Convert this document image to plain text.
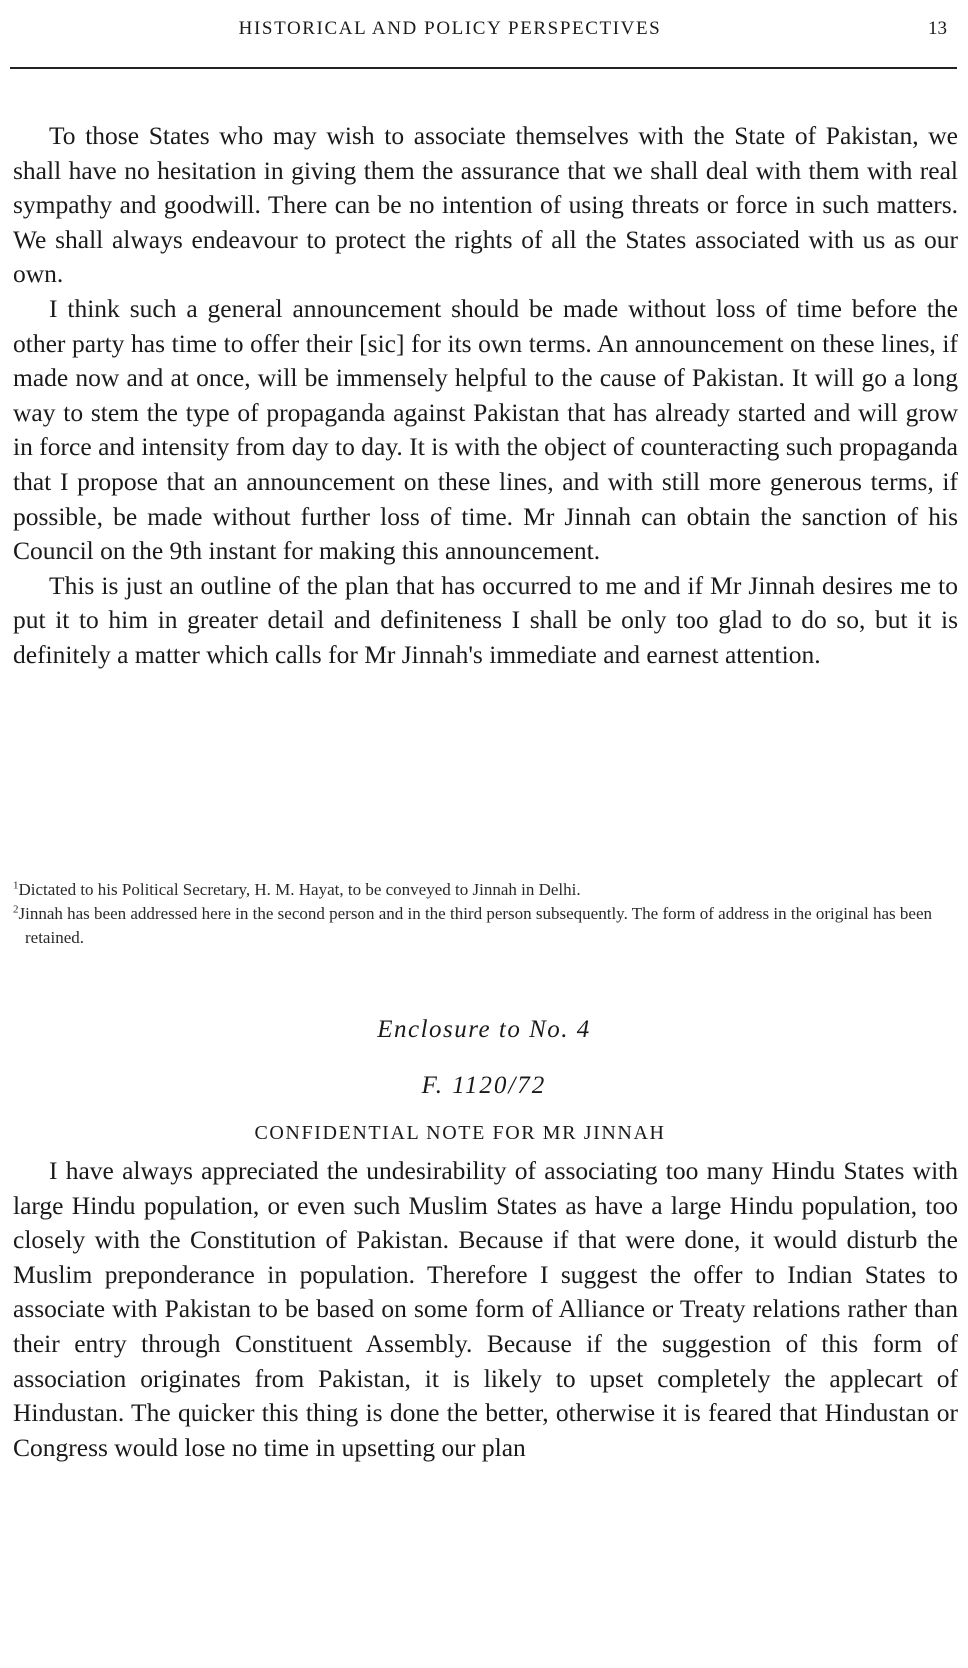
HISTORICAL AND POLICY PERSPECTIVES	13

To those States who may wish to associate themselves with the State of Pakistan, we shall have no hesitation in giving them the assurance that we shall deal with them with real sympathy and goodwill. There can be no intention of using threats or force in such matters. We shall always endeavour to protect the rights of all the States associated with us as our own.

I think such a general announcement should be made without loss of time before the other party has time to offer their [sic] for its own terms. An announcement on these lines, if made now and at once, will be immensely helpful to the cause of Pakistan. It will go a long way to stem the type of propaganda against Pakistan that has already started and will grow in force and intensity from day to day. It is with the object of counteracting such propaganda that I propose that an announcement on these lines, and with still more generous terms, if possible, be made without further loss of time. Mr Jinnah can obtain the sanction of his Council on the 9th instant for making this announcement.

This is just an outline of the plan that has occurred to me and if Mr Jinnah desires me to put it to him in greater detail and definiteness I shall be only too glad to do so, but it is definitely a matter which calls for Mr Jinnah's immediate and earnest attention.

$^1$Dictated to his Political Secretary, H. M. Hayat, to be conveyed to Jinnah in Delhi.

$^2$Jinnah has been addressed here in the second person and in the third person subsequently. The form of address in the original has been retained.

Enclosure to No. 4
F. 1120/72
CONFIDENTIAL NOTE FOR MR JINNAH

I have always appreciated the undesirability of associating too many Hindu States with large Hindu population, or even such Muslim States as have a large Hindu population, too closely with the Constitution of Pakistan. Because if that were done, it would disturb the Muslim preponderance in population. Therefore I suggest the offer to Indian States to associate with Pakistan to be based on some form of Alliance or Treaty relations rather than their entry through Constituent Assembly. Because if the suggestion of this form of association originates from Pakistan, it is likely to upset completely the applecart of Hindustan. The quicker this thing is done the better, otherwise it is feared that Hindustan or Congress would lose no time in upsetting our plan
